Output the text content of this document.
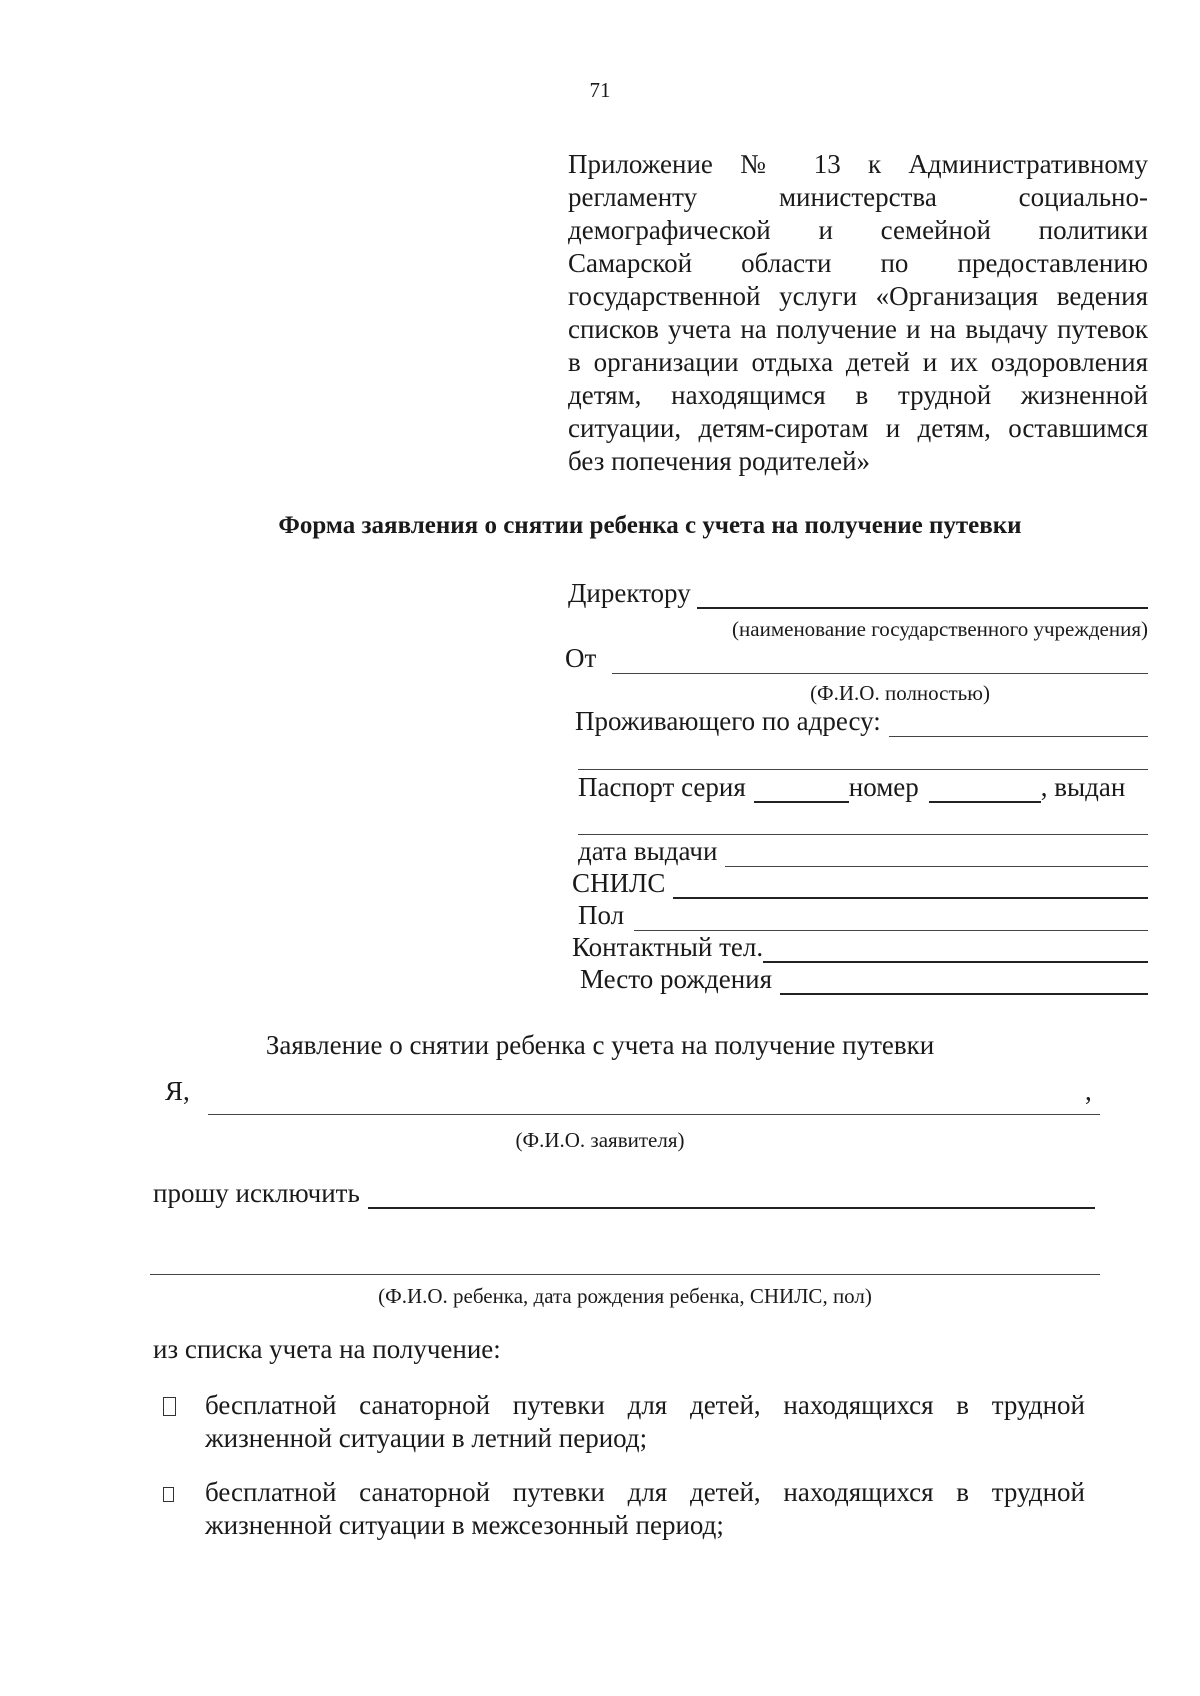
71
Приложение № 13 к Административному регламенту министерства социально-демографической и семейной политики Самарской области по предоставлению государственной услуги «Организация ведения списков учета на получение и на выдачу путевок в организации отдыха детей и их оздоровления детям, находящимся в трудной жизненной ситуации, детям-сиротам и детям, оставшимся без попечения родителей»
Форма заявления о снятии ребенка с учета на получение путевки
Директору
(наименование государственного учреждения)
От
(Ф.И.О. полностью)
Проживающего по адресу:
Паспорт серия	номер	, выдан
дата выдачи
СНИЛС
Пол
Контактный тел.
Место рождения
Заявление о снятии ребенка с учета на получение путевки
Я,	,
(Ф.И.О. заявителя)
прошу исключить
(Ф.И.О. ребенка, дата рождения ребенка, СНИЛС, пол)
из списка учета на получение:
бесплатной санаторной путевки для детей, находящихся в трудной жизненной ситуации в летний период;
бесплатной санаторной путевки для детей, находящихся в трудной жизненной ситуации в межсезонный период;
